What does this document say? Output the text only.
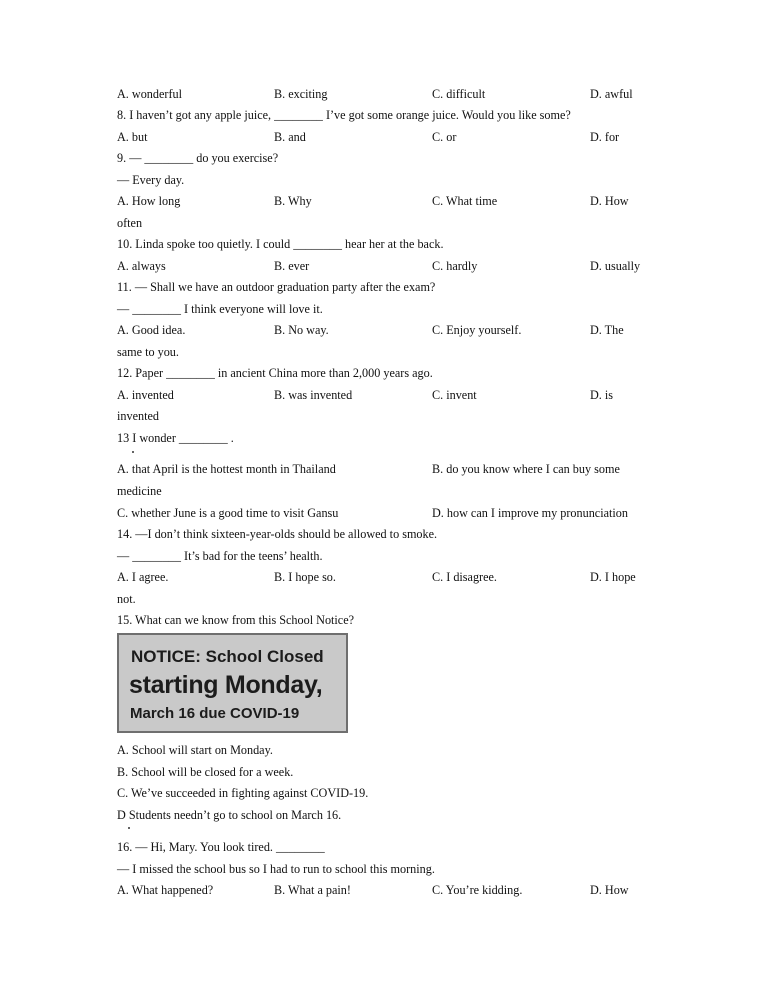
A. wonderful	B. exciting	C. difficult	D. awful
8. I haven’t got any apple juice, ________ I’ve got some orange juice. Would you like some?
A. but	B. and	C. or	D. for
9. — ________ do you exercise?
— Every day.
A. How long	B. Why	C. What time	D. How
often
10. Linda spoke too quietly. I could ________ hear her at the back.
A. always	B. ever	C. hardly	D. usually
11. — Shall we have an outdoor graduation party after the exam?
— ________ I think everyone will love it.
A. Good idea.	B. No way.	C. Enjoy yourself.	D. The
same to you.
12. Paper ________ in ancient China more than 2,000 years ago.
A. invented	B. was invented	C. invent	D. is
invented
13 I wonder ________ .
A. that April is the hottest month in Thailand	B. do you know where I can buy some
medicine
C. whether June is a good time to visit Gansu	D. how can I improve my pronunciation
14. —I don’t think sixteen-year-olds should be allowed to smoke.
— ________ It’s bad for the teens’ health.
A. I agree.	B. I hope so.	C. I disagree.	D. I hope
not.
15. What can we know from this School Notice?
NOTICE: School Closed
starting Monday,
March 16 due COVID-19
A. School will start on Monday.
B. School will be closed for a week.
C. We’ve succeeded in fighting against COVID-19.
D Students needn’t go to school on March 16.
16. — Hi, Mary. You look tired. ________
— I missed the school bus so I had to run to school this morning.
A. What happened?	B. What a pain!	C. You’re kidding.	D. How
